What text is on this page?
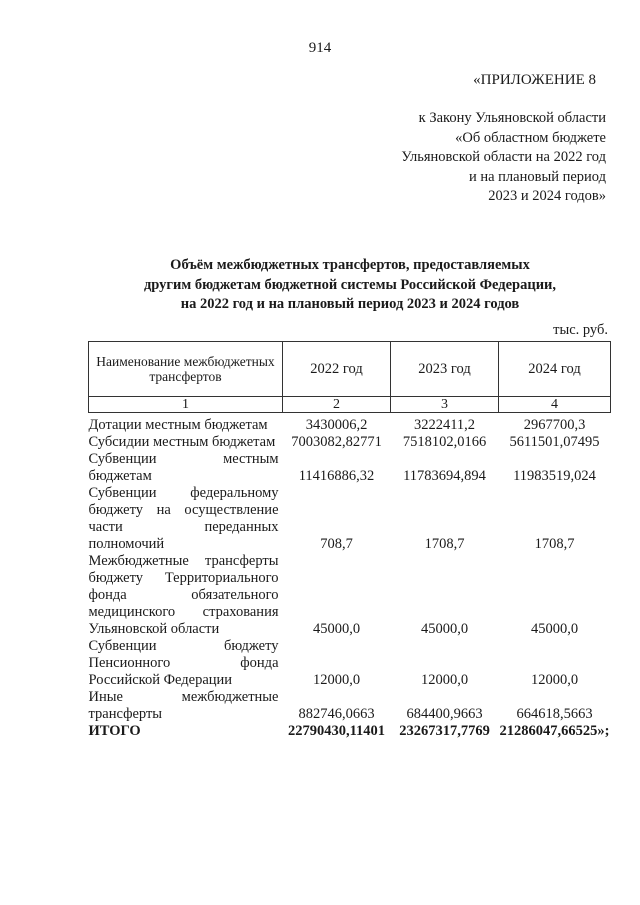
914
«ПРИЛОЖЕНИЕ 8
к Закону Ульяновской области
«Об областном бюджете
Ульяновской области на 2022 год
и на плановый период
2023 и 2024 годов»
Объём межбюджетных трансфертов, предоставляемых
другим бюджетам бюджетной системы Российской Федерации,
на 2022 год и на плановый период 2023 и 2024 годов
тыс. руб.
Наименование межбюджетных трансфертов	2022 год	2023 год	2024 год
1	2	3	4
Дотации местным бюджетам	3430006,2	3222411,2	2967700,3
Субсидии местным бюджетам	7003082,82771	7518102,0166	5611501,07495
Субвенции местным бюджетам	11416886,32	11783694,894	11983519,024
Субвенции федеральному бюджету на осуществление части переданных полномочий	708,7	1708,7	1708,7
Межбюджетные трансферты бюджету Территориального фонда обязательного медицинского страхования Ульяновской области	45000,0	45000,0	45000,0
Субвенции бюджету Пенсионного фонда Российской Федерации	12000,0	12000,0	12000,0
Иные межбюджетные трансферты	882746,0663	684400,9663	664618,5663
ИТОГО	22790430,11401	23267317,7769	21286047,66525»;
